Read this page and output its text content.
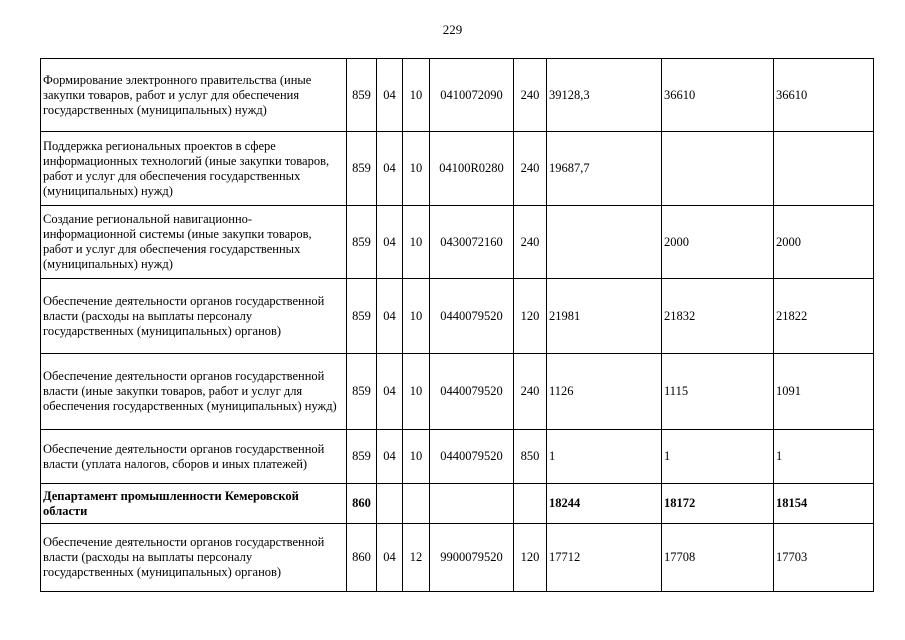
229
Формирование электронного правительства (иные закупки товаров, работ и услуг для обеспечения государственных (муниципальных) нужд)	859	04	10	0410072090	240	39128,3	36610	36610
Поддержка региональных проектов в сфере информационных технологий (иные закупки товаров, работ и услуг для обеспечения государственных (муниципальных) нужд)	859	04	10	04100R0280	240	19687,7		
Создание региональной навигационно-информационной системы (иные закупки товаров, работ и услуг для обеспечения государственных (муниципальных) нужд)	859	04	10	0430072160	240		2000	2000
Обеспечение деятельности органов государственной власти (расходы на выплаты персоналу государственных (муниципальных) органов)	859	04	10	0440079520	120	21981	21832	21822
Обеспечение деятельности органов государственной власти (иные закупки товаров, работ и услуг для обеспечения государственных (муниципальных) нужд)	859	04	10	0440079520	240	1126	1115	1091
Обеспечение деятельности органов государственной власти (уплата налогов, сборов и иных платежей)	859	04	10	0440079520	850	1	1	1
Департамент промышленности Кемеровской области	860					18244	18172	18154
Обеспечение деятельности органов государственной власти (расходы на выплаты персоналу государственных (муниципальных) органов)	860	04	12	9900079520	120	17712	17708	17703
